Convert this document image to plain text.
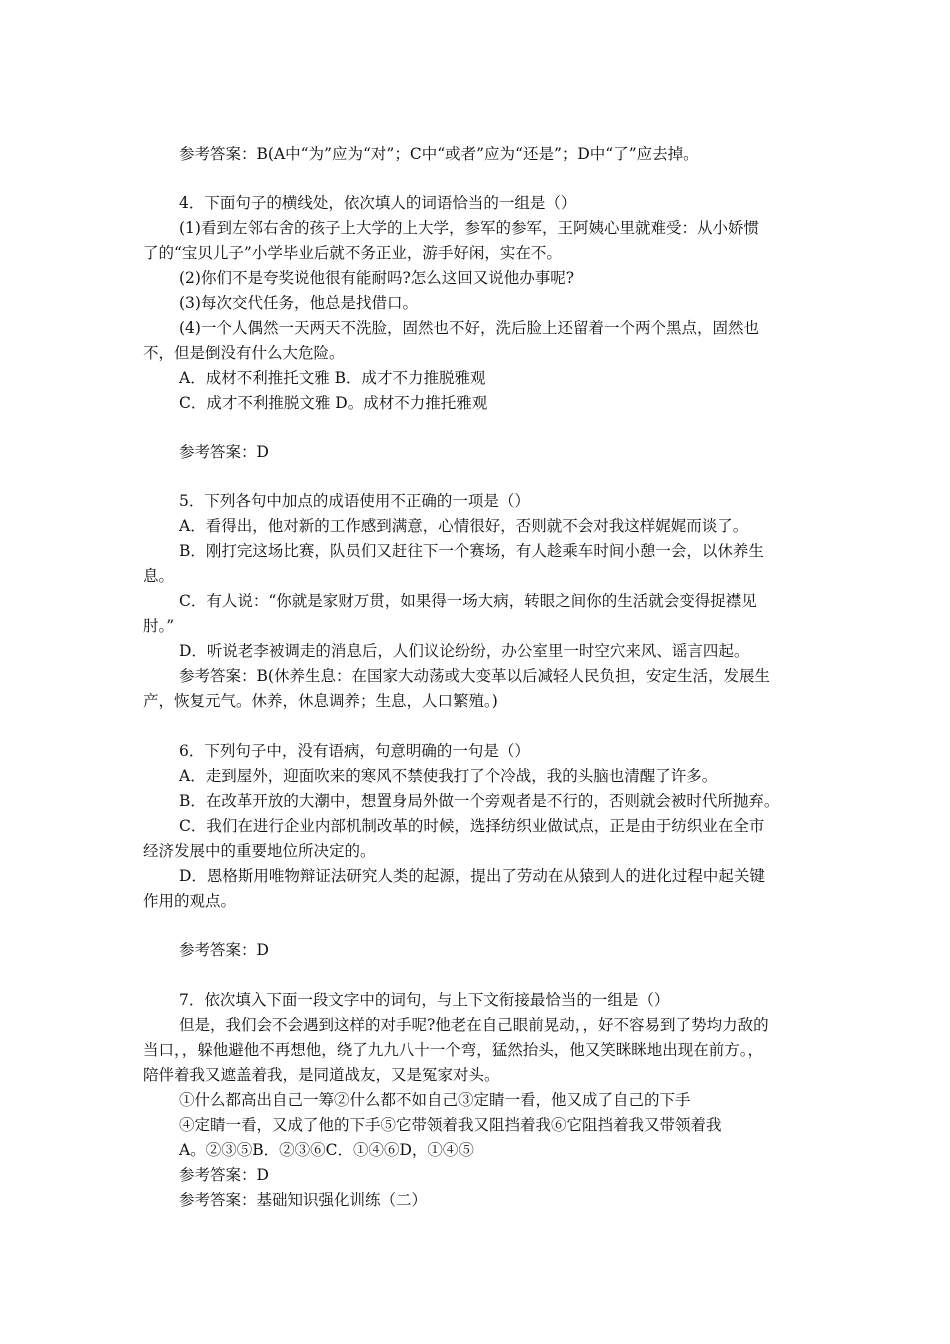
参考答案：B(A中“为”应为“对”；C中“或者”应为“还是”；D中“了”应去掉。
4．下面句子的横线处，依次填人的词语恰当的一组是（）
(1)看到左邻右舍的孩子上大学的上大学，参军的参军，王阿姨心里就难受：从小娇惯
了的“宝贝儿子”小学毕业后就不务正业，游手好闲，实在不。
(2)你们不是夸奖说他很有能耐吗?怎么这回又说他办事呢?
(3)每次交代任务，他总是找借口。
(4)一个人偶然一天两天不洗脸，固然也不好，洗后脸上还留着一个两个黑点，固然也
不，但是倒没有什么大危险。
A．成材不利推托文雅 B．成才不力推脱雅观
C．成才不利推脱文雅 D。成材不力推托雅观
参考答案：D
5．下列各句中加点的成语使用不正确的一项是（）
A．看得出，他对新的工作感到满意，心情很好，否则就不会对我这样娓娓而谈了。
B．刚打完这场比赛，队员们又赶往下一个赛场，有人趁乘车时间小憩一会，以休养生
息。
C．有人说：“你就是家财万贯，如果得一场大病，转眼之间你的生活就会变得捉襟见
肘。”
D．听说老李被调走的消息后，人们议论纷纷，办公室里一时空穴来风、谣言四起。
参考答案：B(休养生息：在国家大动荡或大变革以后减轻人民负担，安定生活，发展生
产，恢复元气。休养，休息调养；生息，人口繁殖。)
6．下列句子中，没有语病，句意明确的一句是（）
A．走到屋外，迎面吹来的寒风不禁使我打了个冷战，我的头脑也清醒了许多。
B．在改革开放的大潮中，想置身局外做一个旁观者是不行的，否则就会被时代所抛弃。
C．我们在进行企业内部机制改革的时候，选择纺织业做试点，正是由于纺织业在全市
经济发展中的重要地位所决定的。
D．恩格斯用唯物辩证法研究人类的起源，提出了劳动在从猿到人的进化过程中起关键
作用的观点。
参考答案：D
7．依次填入下面一段文字中的词句，与上下文衔接最恰当的一组是（）
但是，我们会不会遇到这样的对手呢?他老在自己眼前晃动，，好不容易到了势均力敌的
当口，，躲他避他不再想他，绕了九九八十一个弯，猛然抬头，他又笑眯眯地出现在前方。，
陪伴着我又遮盖着我，是同道战友，又是冤家对头。
①什么都高出自己一筹②什么都不如自己③定睛一看，他又成了自己的下手
④定睛一看，又成了他的下手⑤它带领着我又阻挡着我⑥它阻挡着我又带领着我
A。②③⑤B．②③⑥C．①④⑥D，①④⑤
参考答案：D
参考答案：基础知识强化训练（二）
